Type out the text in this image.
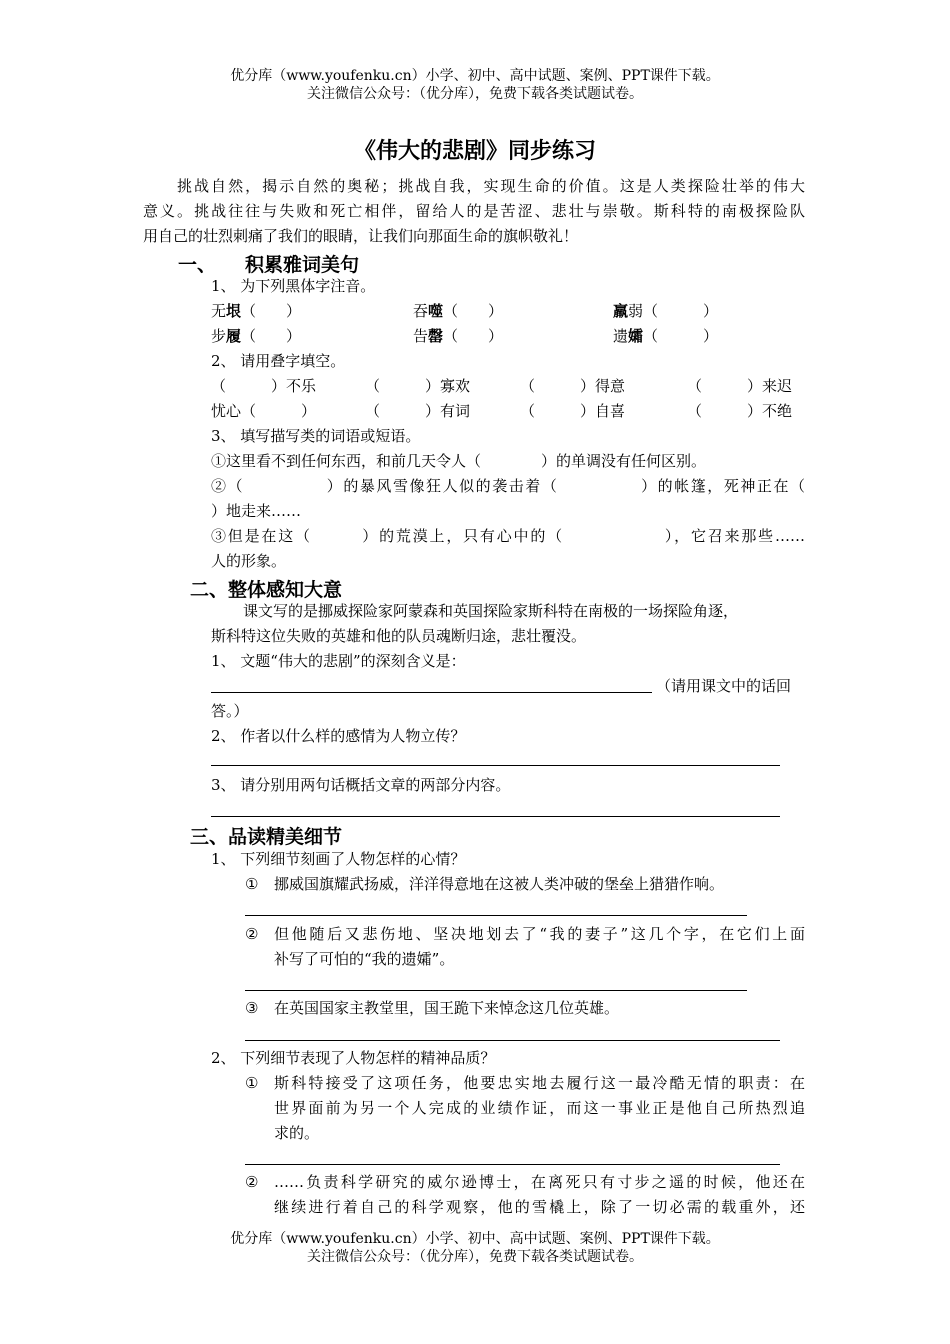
优分库（www.youfenku.cn）小学、初中、高中试题、案例、PPT课件下载。
关注微信公众号：（优分库），免费下载各类试题试卷。
《伟大的悲剧》同步练习
挑战自然，揭示自然的奥秘；挑战自我，实现生命的价值。这是人类探险壮举的伟大
意义。挑战往往与失败和死亡相伴，留给人的是苦涩、悲壮与崇敬。斯科特的南极探险队
用自己的壮烈刺痛了我们的眼睛，让我们向那面生命的旗帜敬礼！
一、 积累雅词美句
1、 为下列黑体字注音。
无垠（　　）	吞噬（　　）	羸弱（　　　）
步履（　　）	告罄（　　）	遗孀（　　　）
2、 请用叠字填空。
（　　　）不乐	（　　　）寡欢	（　　　）得意	（　　　）来迟
忧心（　　　）	（　　　）有词	（　　　）自喜	（　　　）不绝
3、 填写描写类的词语或短语。
①这里看不到任何东西，和前几天令人（　　　　）的单调没有任何区别。
②（　　　　　）的暴风雪像狂人似的袭击着（　　　　　）的帐篷，死神正在（
）地走来……
③但是在这（　　　）的荒漠上，只有心中的（　　　　　　），它召来那些……
人的形象。
二、整体感知大意
课文写的是挪威探险家阿蒙森和英国探险家斯科特在南极的一场探险角逐，
斯科特这位失败的英雄和他的队员魂断归途，悲壮覆没。
1、 文题“伟大的悲剧”的深刻含义是：
（请用课文中的话回
答。）
2、 作者以什么样的感情为人物立传？
3、 请分别用两句话概括文章的两部分内容。
三、品读精美细节
1、 下列细节刻画了人物怎样的心情？
① 挪威国旗耀武扬威，洋洋得意地在这被人类冲破的堡垒上猎猎作响。
② 但他随后又悲伤地、坚决地划去了“我的妻子”这几个字，在它们上面
补写了可怕的“我的遗孀”。
③ 在英国国家主教堂里，国王跪下来悼念这几位英雄。
2、 下列细节表现了人物怎样的精神品质？
① 斯科特接受了这项任务，他要忠实地去履行这一最冷酷无情的职责：在
世界面前为另一个人完成的业绩作证，而这一事业正是他自己所热烈追
求的。
② ……负责科学研究的威尔逊博士，在离死只有寸步之遥的时候，他还在
继续进行着自己的科学观察，他的雪橇上，除了一切必需的载重外，还
优分库（www.youfenku.cn）小学、初中、高中试题、案例、PPT课件下载。
关注微信公众号：（优分库），免费下载各类试题试卷。
